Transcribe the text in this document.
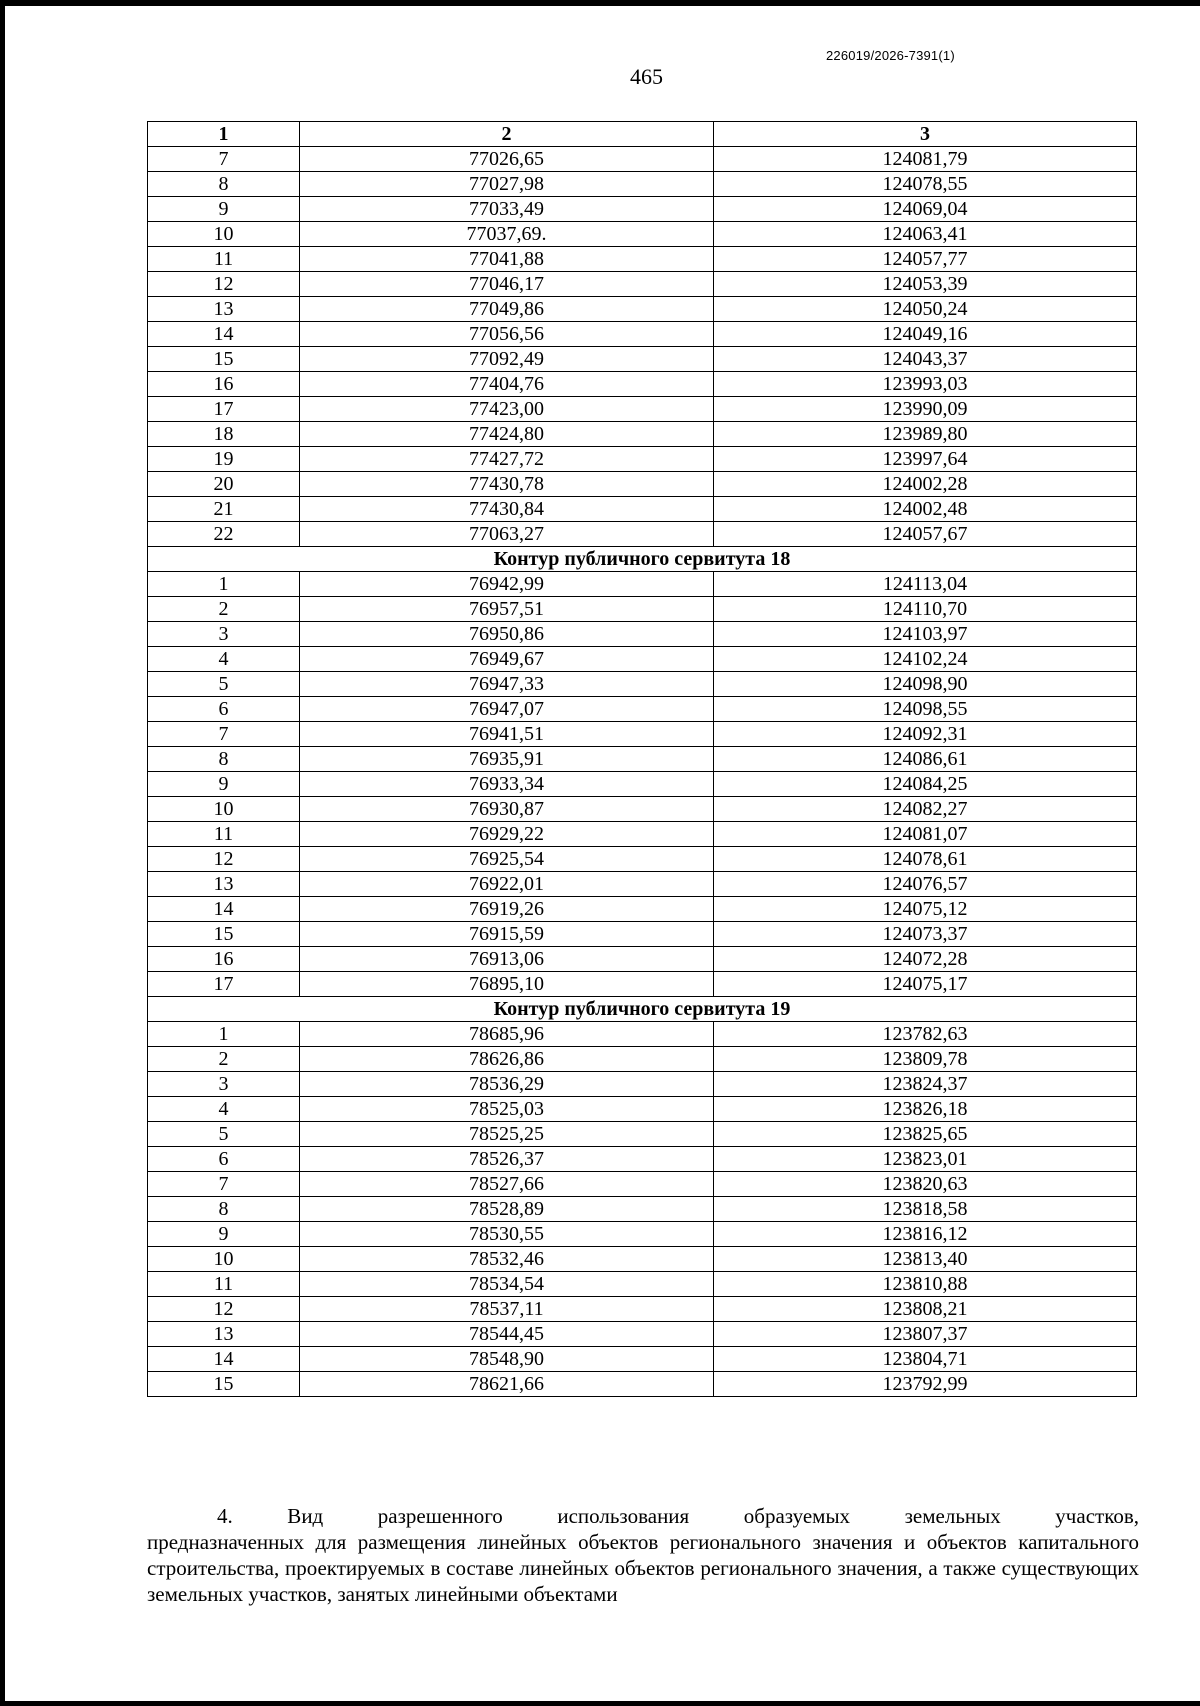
226019/2026-7391(1)
465
1	2	3
7	77026,65	124081,79
8	77027,98	124078,55
9	77033,49	124069,04
10	77037,69.	124063,41
11	77041,88	124057,77
12	77046,17	124053,39
13	77049,86	124050,24
14	77056,56	124049,16
15	77092,49	124043,37
16	77404,76	123993,03
17	77423,00	123990,09
18	77424,80	123989,80
19	77427,72	123997,64
20	77430,78	124002,28
21	77430,84	124002,48
22	77063,27	124057,67
Контур публичного сервитута 18		
1	76942,99	124113,04
2	76957,51	124110,70
3	76950,86	124103,97
4	76949,67	124102,24
5	76947,33	124098,90
6	76947,07	124098,55
7	76941,51	124092,31
8	76935,91	124086,61
9	76933,34	124084,25
10	76930,87	124082,27
11	76929,22	124081,07
12	76925,54	124078,61
13	76922,01	124076,57
14	76919,26	124075,12
15	76915,59	124073,37
16	76913,06	124072,28
17	76895,10	124075,17
Контур публичного сервитута 19		
1	78685,96	123782,63
2	78626,86	123809,78
3	78536,29	123824,37
4	78525,03	123826,18
5	78525,25	123825,65
6	78526,37	123823,01
7	78527,66	123820,63
8	78528,89	123818,58
9	78530,55	123816,12
10	78532,46	123813,40
11	78534,54	123810,88
12	78537,11	123808,21
13	78544,45	123807,37
14	78548,90	123804,71
15	78621,66	123792,99
4. Вид разрешенного использования образуемых земельных участков,
предназначенных для размещения линейных объектов регионального значения и объектов капитального строительства, проектируемых в составе линейных объектов регионального значения, а также существующих земельных участков, занятых линейными объектами
